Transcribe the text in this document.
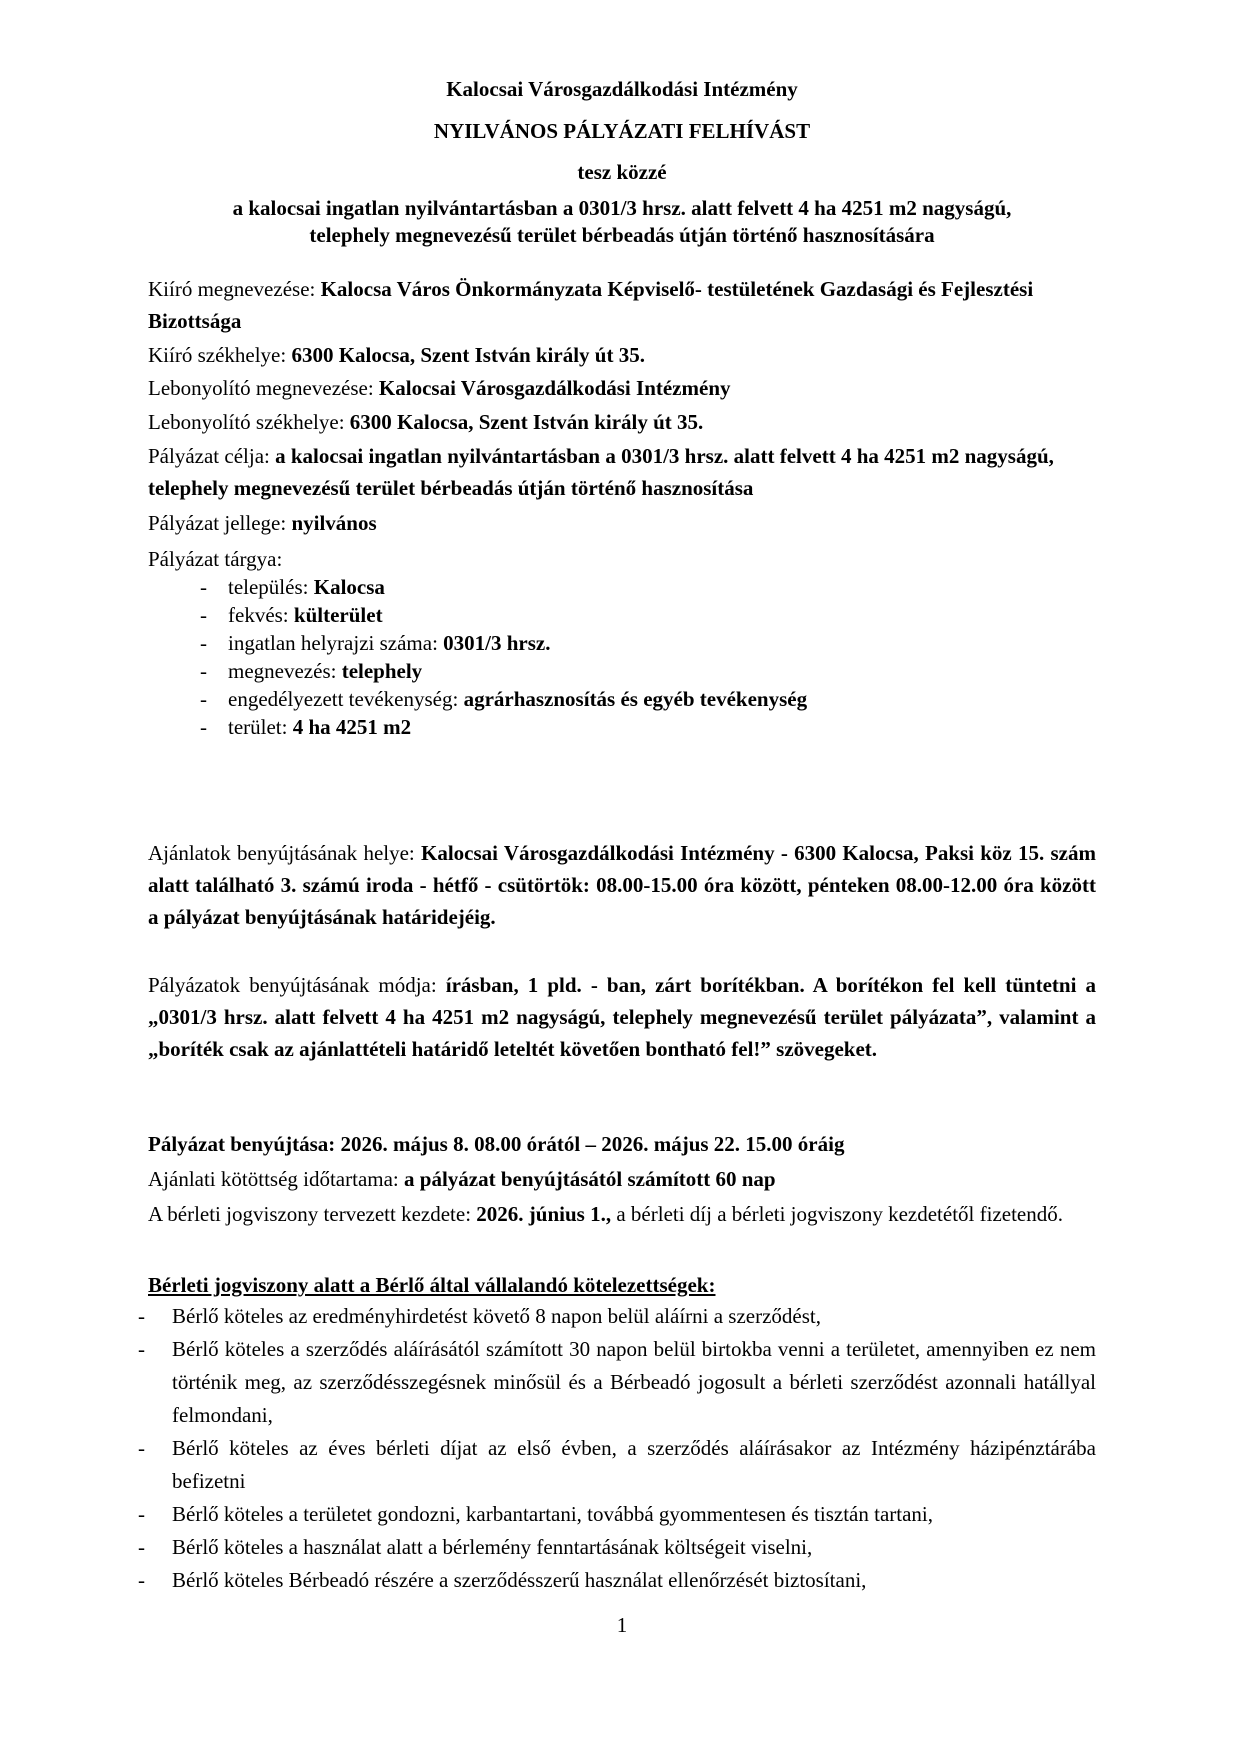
Kalocsai Városgazdálkodási Intézmény
NYILVÁNOS PÁLYÁZATI FELHÍVÁST
tesz közzé
a kalocsai ingatlan nyilvántartásban a 0301/3 hrsz. alatt felvett 4 ha 4251 m2 nagyságú,
telephely megnevezésű terület bérbeadás útján történő hasznosítására
Kiíró megnevezése: Kalocsa Város Önkormányzata Képviselő- testületének Gazdasági és Fejlesztési Bizottsága
Kiíró székhelye: 6300 Kalocsa, Szent István király út 35.
Lebonyolító megnevezése: Kalocsai Városgazdálkodási Intézmény
Lebonyolító székhelye: 6300 Kalocsa, Szent István király út 35.
Pályázat célja: a kalocsai ingatlan nyilvántartásban a 0301/3 hrsz. alatt felvett 4 ha 4251 m2 nagyságú, telephely megnevezésű terület bérbeadás útján történő hasznosítása
Pályázat jellege: nyilvános
Pályázat tárgya:
- település: Kalocsa
- fekvés: külterület
- ingatlan helyrajzi száma: 0301/3 hrsz.
- megnevezés: telephely
- engedélyezett tevékenység: agrárhasznosítás és egyéb tevékenység
- terület: 4 ha 4251 m2
Ajánlatok benyújtásának helye: Kalocsai Városgazdálkodási Intézmény - 6300 Kalocsa, Paksi köz 15. szám alatt található 3. számú iroda - hétfő - csütörtök: 08.00-15.00 óra között, pénteken 08.00-12.00 óra között a pályázat benyújtásának határidejéig.
Pályázatok benyújtásának módja: írásban, 1 pld. - ban, zárt borítékban. A borítékon fel kell tüntetni a „0301/3 hrsz. alatt felvett 4 ha 4251 m2 nagyságú, telephely megnevezésű terület pályázata”, valamint a „boríték csak az ajánlattételi határidő leteltét követően bontható fel!” szövegeket.
Pályázat benyújtása: 2026. május 8. 08.00 órától – 2026. május 22. 15.00 óráig
Ajánlati kötöttség időtartama: a pályázat benyújtásától számított 60 nap
A bérleti jogviszony tervezett kezdete: 2026. június 1., a bérleti díj a bérleti jogviszony kezdetétől fizetendő.
Bérleti jogviszony alatt a Bérlő által vállalandó kötelezettségek:
- Bérlő köteles az eredményhirdetést követő 8 napon belül aláírni a szerződést,
- Bérlő köteles a szerződés aláírásától számított 30 napon belül birtokba venni a területet, amennyiben ez nem történik meg, az szerződésszegésnek minősül és a Bérbeadó jogosult a bérleti szerződést azonnali hatállyal felmondani,
- Bérlő köteles az éves bérleti díjat az első évben, a szerződés aláírásakor az Intézmény házipénztárába befizetni
- Bérlő köteles a területet gondozni, karbantartani, továbbá gyommentesen és tisztán tartani,
- Bérlő köteles a használat alatt a bérlemény fenntartásának költségeit viselni,
- Bérlő köteles Bérbeadó részére a szerződésszerű használat ellenőrzését biztosítani,
1
